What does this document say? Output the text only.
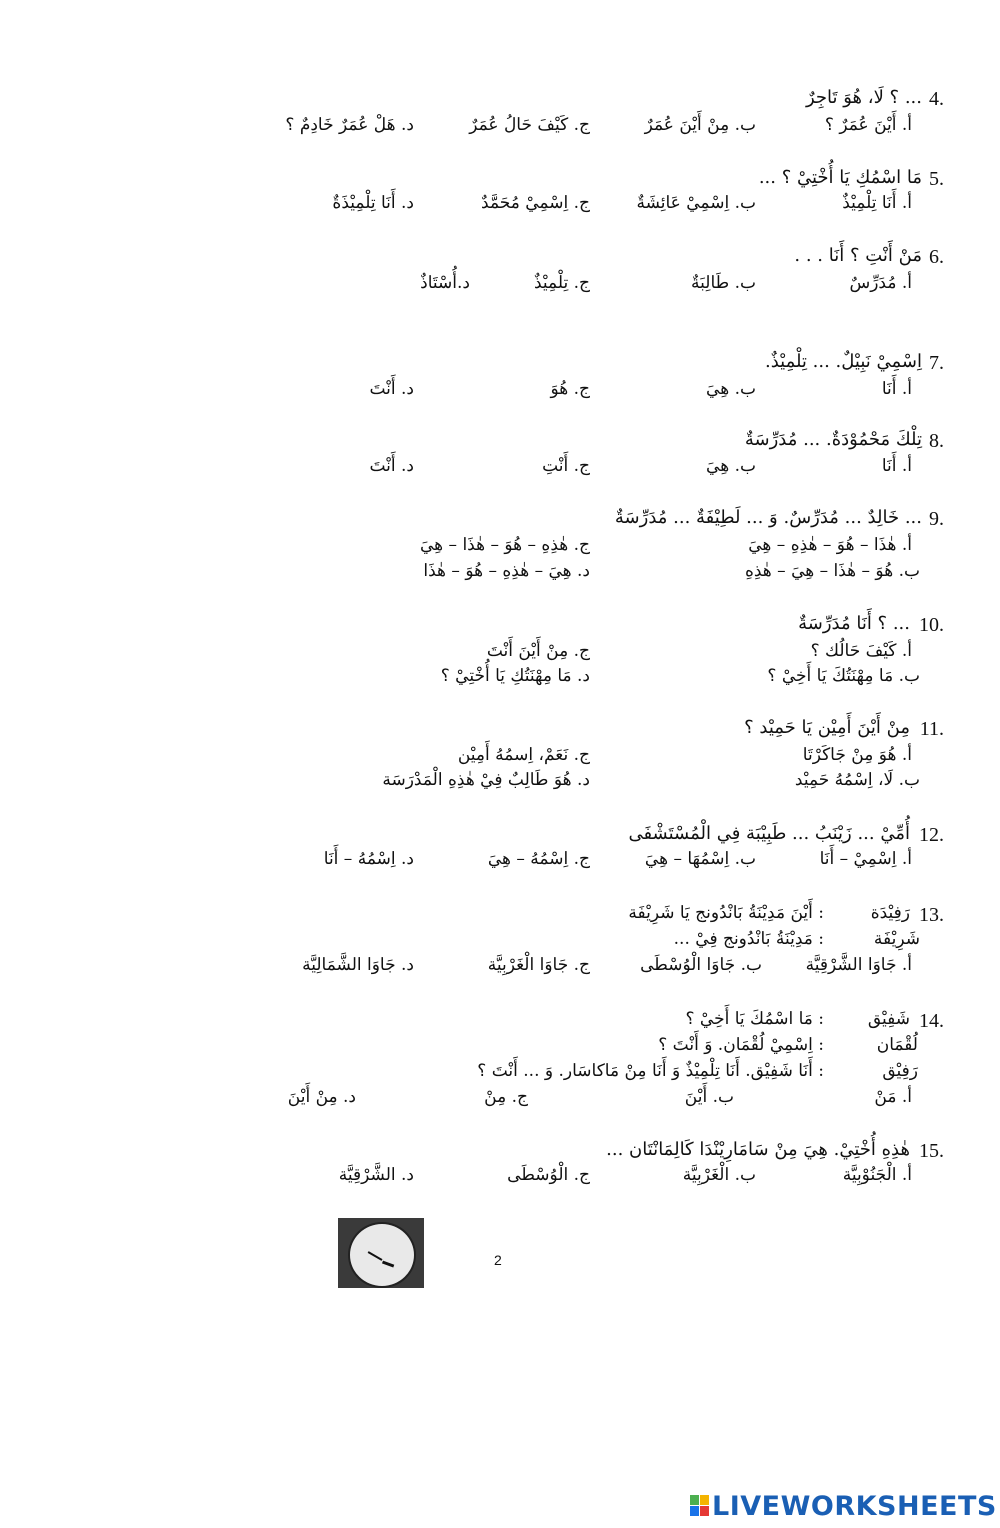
4.
... ؟ لَا، هُوَ تَاجِرٌ
أ. أَيْنَ عُمَرٌ ؟
ب. مِنْ أَيْنَ عُمَرٌ
ج. كَيْفَ حَالُ عُمَرٌ
د. هَلْ عُمَرٌ خَادِمٌ ؟
5.
مَا اسْمُكِ يَا أُخْتِيْ ؟ ...
أ. أَنَا تِلْمِيْذٌ
ب. اِسْمِيْ عَائِشَةٌ
ج. اِسْمِيْ مُحَمَّدٌ
د. أَنَا تِلْمِيْذَةٌ
6.
مَنْ أَنْتِ ؟ أَنَا . . .
أ. مُدَرِّسٌ
ب. طَالِبَةٌ
ج. تِلْمِيْذٌ
د.أُسْتَاذٌ
7.
اِسْمِيْ نَبِيْلٌ. ... تِلْمِيْذٌ.
أ. أَنَا
ب. هِيَ
ج. هُوَ
د. أَنْتَ
8.
تِلْكَ مَحْمُوْدَةٌ. ... مُدَرِّسَةٌ
أ. أَنَا
ب. هِيَ
ج. أَنْتِ
د. أَنْتَ
9.
... خَالِدٌ ... مُدَرِّسٌ. وَ ... لَطِيْفَةٌ ... مُدَرِّسَةٌ
أ. هٰذَا – هُوَ – هٰذِهِ – هِيَ
ب. هُوَ – هٰذَا – هِيَ – هٰذِهِ
ج. هٰذِهِ – هُوَ – هٰذَا – هِيَ
د. هِيَ – هٰذِهِ – هُوَ – هٰذَا
10.
... ؟ أَنَا مُدَرِّسَةٌ
أ. كَيْفَ حَالُك ؟
ب. مَا مِهْنَتُكَ يَا أَخِيْ ؟
ج. مِنْ أَيْنَ أَنْتَ
د. مَا مِهْنَتُكِ يَا أُخْتِيْ ؟
11.
مِنْ أَيْنَ أَمِيْن يَا حَمِيْد ؟
أ. هُوَ مِنْ جَاكَرْتَا
ب. لَا، اِسْمُهُ حَمِيْد
ج. نَعَمْ، اِسمُهُ أَمِيْن
د. هُوَ طَالِبٌ فِيْ هٰذِهِ الْمَدْرَسَة
12.
أُمِّيْ ... زَيْنَبُ ... طَبِيْبَة فِي الْمُسْتَشْفَى
أ. اِسْمِيْ – أَنَا
ب. اِسْمُهَا – هِيَ
ج. اِسْمُهُ – هِيَ
د. اِسْمُهُ – أَنَا
13.
رَفِيْدَة
: أَيْنَ مَدِيْنَةُ بَانْدُونج يَا شَرِيْفَة
شَرِيْفَة
: مَدِيْنَةُ بَانْدُونج فِيْ ...
أ. جَاوَا الشَّرْقِيَّة
ب. جَاوَا الْوُسْطَى
ج. جَاوَا الْغَرْبِيَّة
د. جَاوَا الشَّمَالِيَّة
14.
شَفِيْق
: مَا اسْمُكَ يَا أَخِيْ ؟
لُقْمَان
: اِسْمِيْ لُقْمَان. وَ أَنْتَ ؟
رَفِيْق
: أَنَا شَفِيْق. أَنَا تِلْمِيْذٌ وَ أَنَا مِنْ مَاكاسَار. وَ ... أَنْتَ ؟
أ. مَنْ
ب. أَيْنَ
ج. مِنْ
د. مِنْ أَيْنَ
15.
هٰذِهِ أُخْتِيْ. هِيَ مِنْ سَامَارِيْنْدَا كَالِمَانْتَان ...
أ. الْجَنُوْبِيَّة
ب. الْغَرْبِيَّة
ج. الْوُسْطَى
د. الشَّرْقِيَّة
2
LIVEWORKSHEETS
